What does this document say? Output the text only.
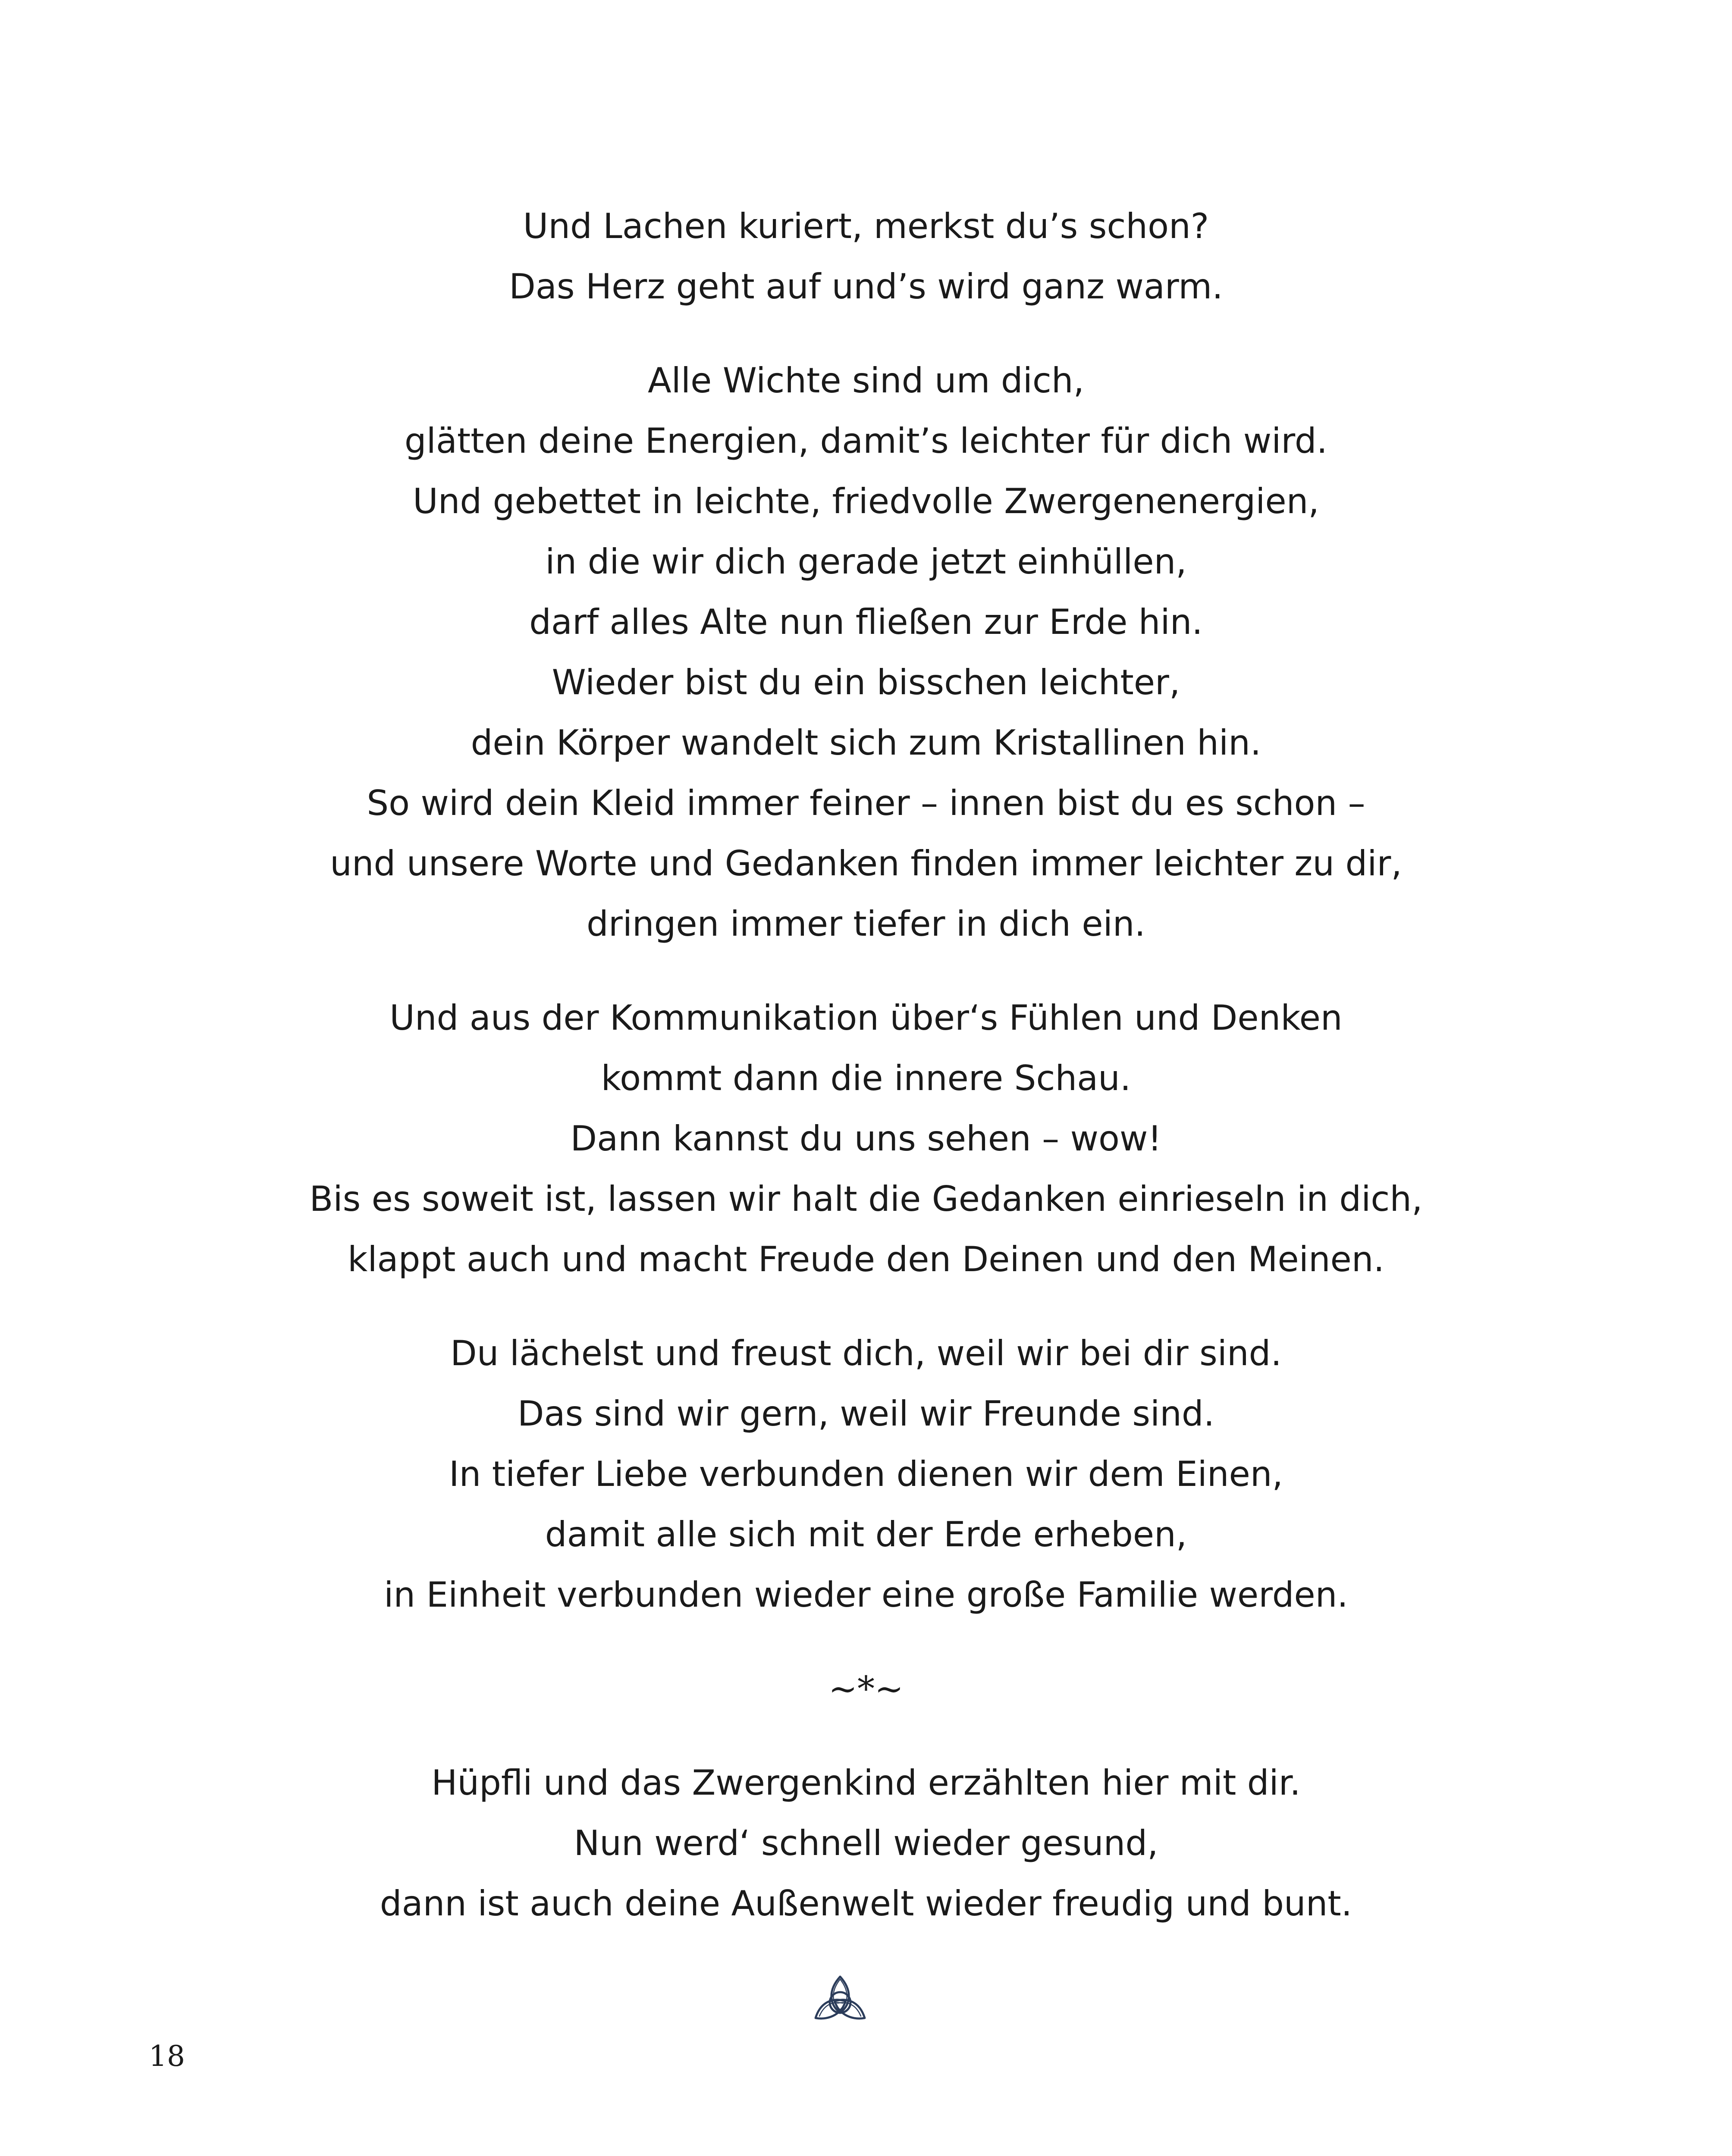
Und Lachen kuriert, merkst du’s schon?
Das Herz geht auf und’s wird ganz warm.
Alle Wichte sind um dich,
glätten deine Energien, damit’s leichter für dich wird.
Und gebettet in leichte, friedvolle Zwergenenergien,
in die wir dich gerade jetzt einhüllen,
darf alles Alte nun fließen zur Erde hin.
Wieder bist du ein bisschen leichter,
dein Körper wandelt sich zum Kristallinen hin.
So wird dein Kleid immer feiner – innen bist du es schon –
und unsere Worte und Gedanken finden immer leichter zu dir,
dringen immer tiefer in dich ein.
Und aus der Kommunikation über‘s Fühlen und Denken
kommt dann die innere Schau.
Dann kannst du uns sehen – wow!
Bis es soweit ist, lassen wir halt die Gedanken einrieseln in dich,
klappt auch und macht Freude den Deinen und den Meinen.
Du lächelst und freust dich, weil wir bei dir sind.
Das sind wir gern, weil wir Freunde sind.
In tiefer Liebe verbunden dienen wir dem Einen,
damit alle sich mit der Erde erheben,
in Einheit verbunden wieder eine große Familie werden.
~*~
Hüpfli und das Zwergenkind erzählten hier mit dir.
Nun werd‘ schnell wieder gesund,
dann ist auch deine Außenwelt wieder freudig und bunt.
18
